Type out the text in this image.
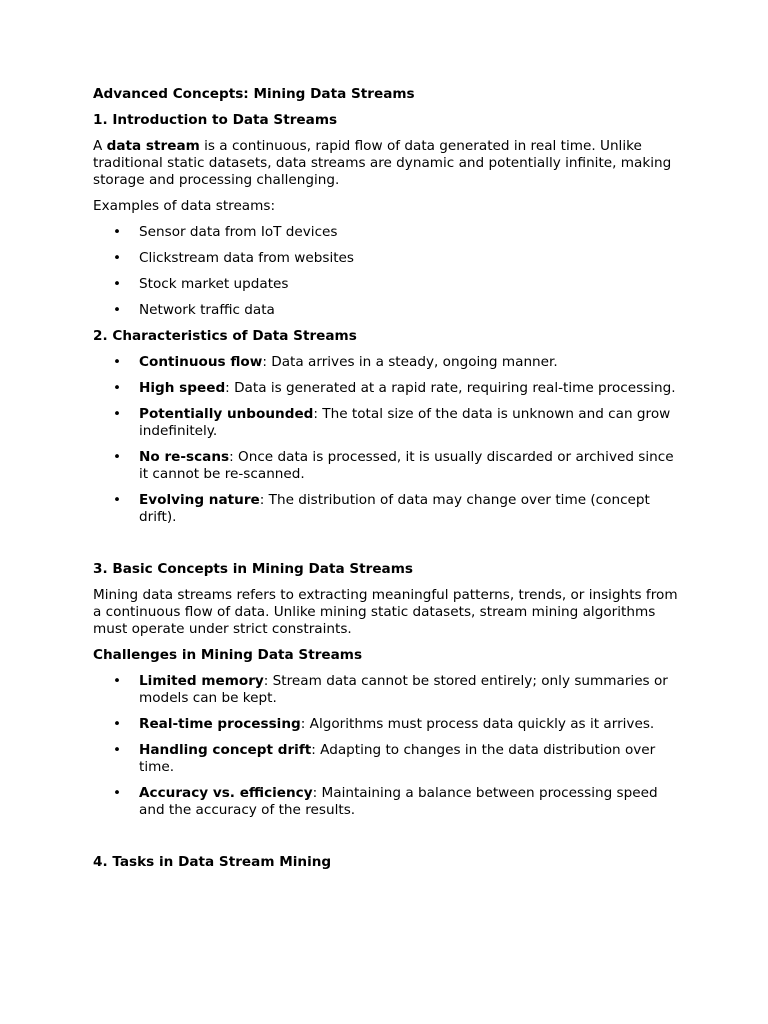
Advanced Concepts: Mining Data Streams
1. Introduction to Data Streams

A data stream is a continuous, rapid flow of data generated in real time. Unlike traditional static datasets, data streams are dynamic and potentially infinite, making storage and processing challenging.

Examples of data streams:

• Sensor data from IoT devices
• Clickstream data from websites
• Stock market updates
• Network traffic data
2. Characteristics of Data Streams
• Continuous flow: Data arrives in a steady, ongoing manner.
• High speed: Data is generated at a rapid rate, requiring real-time processing.
• Potentially unbounded: The total size of the data is unknown and can grow indefinitely.
• No re-scans: Once data is processed, it is usually discarded or archived since it cannot be re-scanned.
• Evolving nature: The distribution of data may change over time (concept drift).
3. Basic Concepts in Mining Data Streams

Mining data streams refers to extracting meaningful patterns, trends, or insights from a continuous flow of data. Unlike mining static datasets, stream mining algorithms must operate under strict constraints.

Challenges in Mining Data Streams
• Limited memory: Stream data cannot be stored entirely; only summaries or models can be kept.
• Real-time processing: Algorithms must process data quickly as it arrives.
• Handling concept drift: Adapting to changes in the data distribution over time.
• Accuracy vs. efficiency: Maintaining a balance between processing speed and the accuracy of the results.
4. Tasks in Data Stream Mining
